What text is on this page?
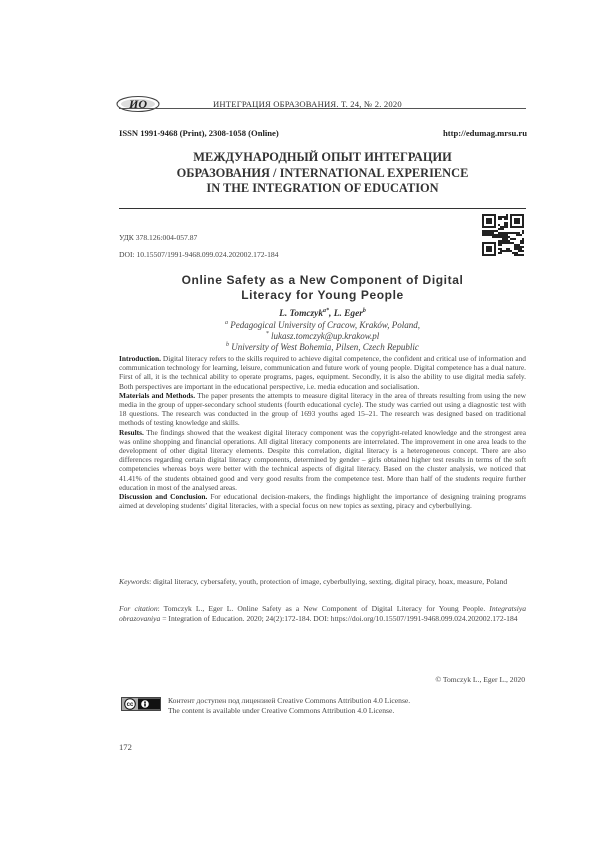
ИО	ИНТЕГРАЦИЯ ОБРАЗОВАНИЯ. Т. 24, № 2. 2020
ISSN 1991-9468 (Print), 2308-1058 (Online)	http://edumag.mrsu.ru
МЕЖДУНАРОДНЫЙ ОПЫТ ИНТЕГРАЦИИ
ОБРАЗОВАНИЯ / INTERNATIONAL EXPERIENCE
IN THE INTEGRATION OF EDUCATION
УДК 378.126:004-057.87
DOI: 10.15507/1991-9468.099.024.202002.172-184
Online Safety as a New Component of Digital
Literacy for Young People
L. Tomczyk$^{a*}$, L. Eger$^b$
$^a$ Pedagogical University of Cracow, Kraków, Poland,
* lukasz.tomczyk@up.krakow.pl
$^b$ University of West Bohemia, Pilsen, Czech Republic

Introduction. Digital literacy refers to the skills required to achieve digital competence, the confident and critical use of information and communication technology for learning, leisure, communication and future work of young people. Digital competence has a dual nature. First of all, it is the technical ability to operate programs, pages, equipment. Secondly, it is also the ability to use digital media safely. Both perspectives are important in the educational perspective, i.e. media education and socialisation.

Materials and Methods. The paper presents the attempts to measure digital literacy in the area of threats resulting from using the new media in the group of upper-secondary school students (fourth educational cycle). The study was carried out using a diagnostic test with 18 questions. The research was conducted in the group of 1693 youths aged 15–21. The research was designed based on traditional methods of testing knowledge and skills.

Results. The findings showed that the weakest digital literacy component was the copyright-related knowledge and the strongest area was online shopping and financial operations. All digital literacy components are interrelated. The improvement in one area leads to the development of other digital literacy elements. Despite this correlation, digital literacy is a heterogeneous concept. There are also differences regarding certain digital literacy components, determined by gender – girls obtained higher test results in terms of the soft competencies whereas boys were better with the technical aspects of digital literacy. Based on the cluster analysis, we noticed that 41.41% of the students obtained good and very good results from the competence test. More than half of the students require further education in most of the analysed areas.

Discussion and Conclusion. For educational decision-makers, the findings highlight the importance of designing training programs aimed at developing students’ digital literacies, with a special focus on new topics as sexting, piracy and cyberbullying.

Keywords: digital literacy, cybersafety, youth, protection of image, cyberbullying, sexting, digital piracy, hoax, measure, Poland
For citation: Tomczyk L., Eger L. Online Safety as a New Component of Digital Literacy for Young People. Integratsiya obrazovaniya = Integration of Education. 2020; 24(2):172-184. DOI: https://doi.org/10.15507/1991-9468.099.024.202002.172-184
© Tomczyk L., Eger L., 2020
cc
Контент доступен под лицензией Creative Commons Attribution 4.0 License.
The content is available under Creative Commons Attribution 4.0 License.
172
